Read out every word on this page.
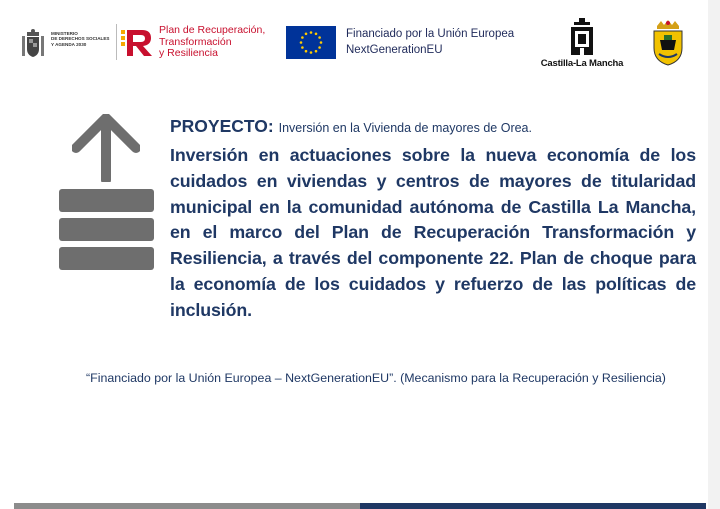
MINISTERIO
DE DERECHOS SOCIALES
Y AGENDA 2030
Plan de Recuperación,
Transformación
y Resiliencia
Financiado por la Unión Europea
NextGenerationEU
Castilla-La Mancha
PROYECTO: Inversión en la Vivienda de mayores de Orea.
Inversión en actuaciones sobre la nueva economía de los cuidados en viviendas y centros de mayores de titularidad municipal en la comunidad autónoma de Castilla La Mancha, en el marco del Plan de Recuperación Transformación y Resiliencia, a través del componente 22. Plan de choque para la economía de los cuidados y refuerzo de las políticas de inclusión.
“Financiado por la Unión Europea – NextGenerationEU”. (Mecanismo para la Recuperación y Resiliencia)
